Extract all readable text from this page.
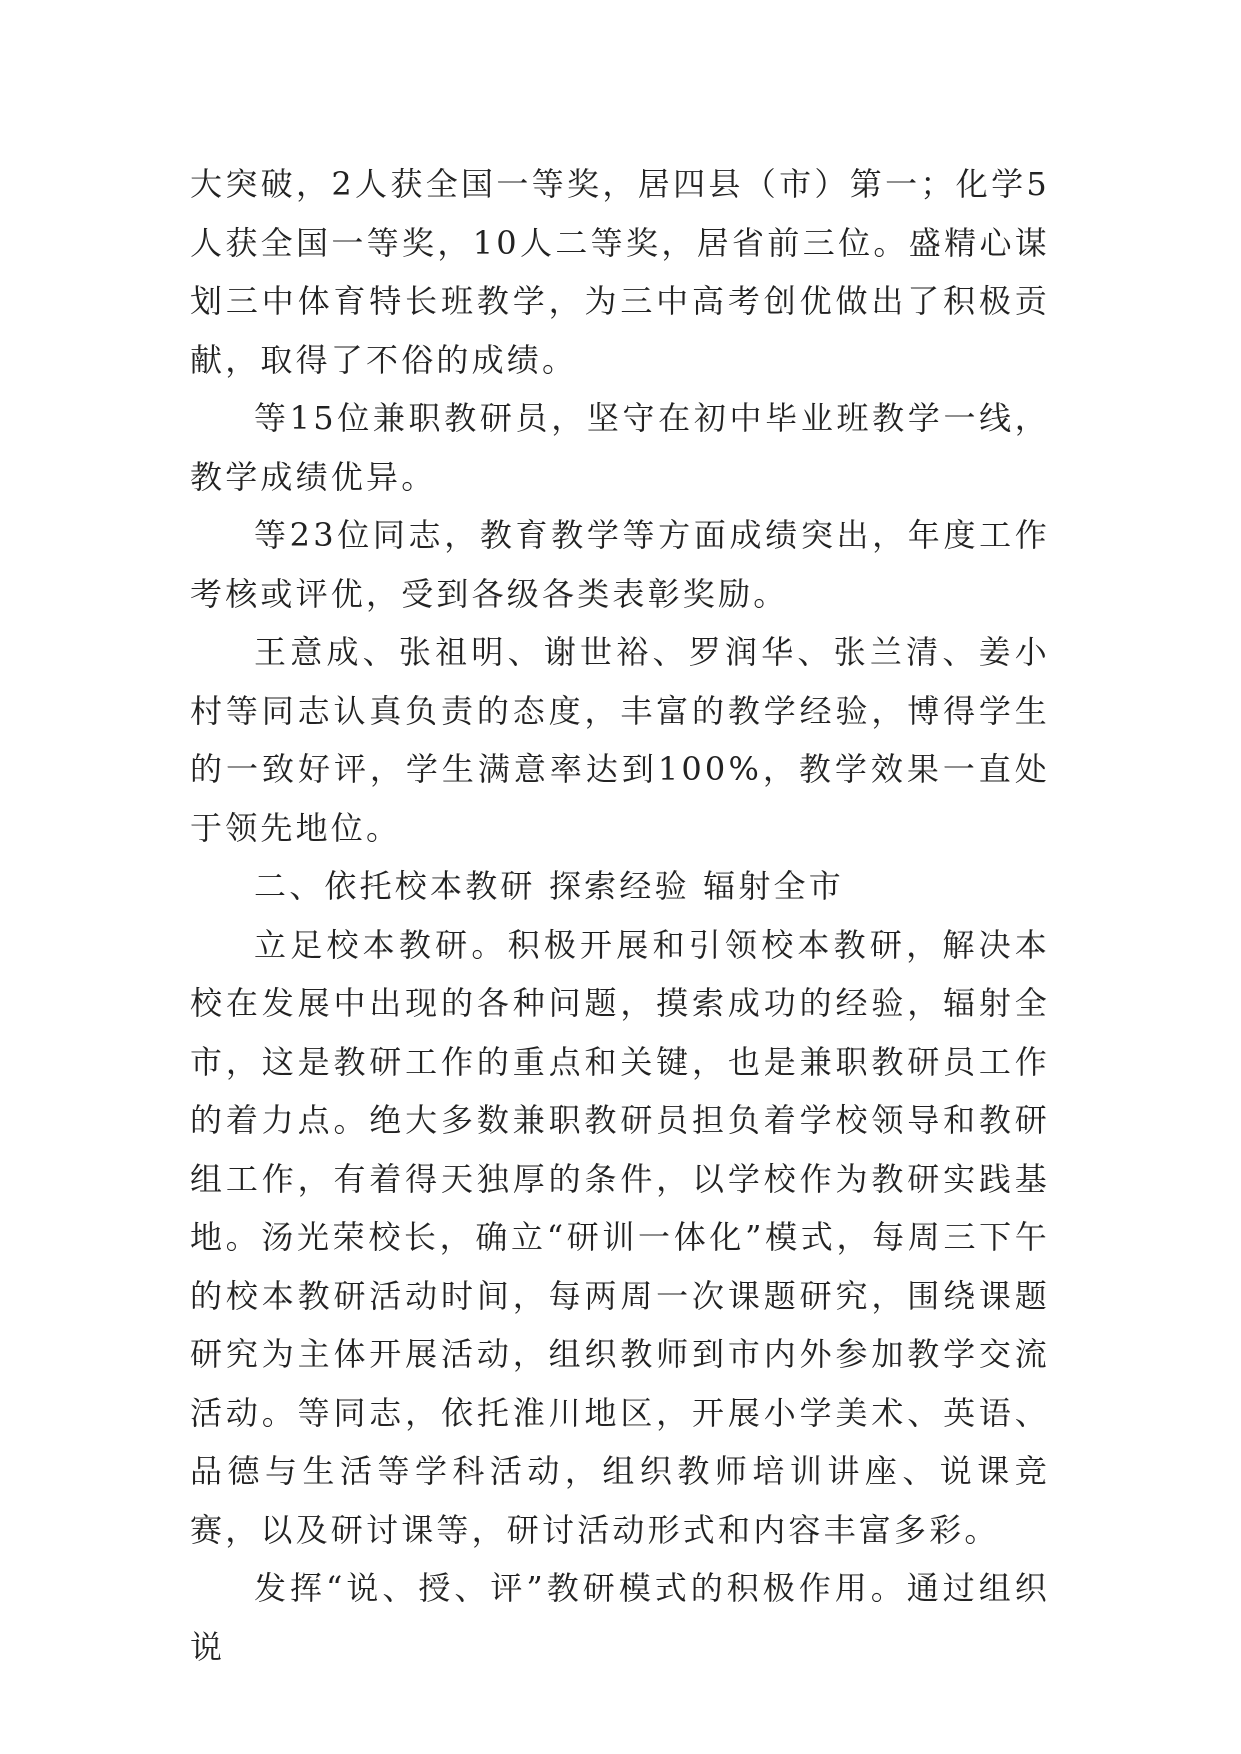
大突破，2人获全国一等奖，居四县（市）第一；化学5人获全国一等奖，10人二等奖，居省前三位。盛精心谋划三中体育特长班教学，为三中高考创优做出了积极贡献，取得了不俗的成绩。

等15位兼职教研员，坚守在初中毕业班教学一线，教学成绩优异。

等23位同志，教育教学等方面成绩突出，年度工作考核或评优，受到各级各类表彰奖励。

王意成、张祖明、谢世裕、罗润华、张兰清、姜小村等同志认真负责的态度，丰富的教学经验，博得学生的一致好评，学生满意率达到100%，教学效果一直处于领先地位。

二、依托校本教研 探索经验 辐射全市

立足校本教研。积极开展和引领校本教研，解决本校在发展中出现的各种问题，摸索成功的经验，辐射全市，这是教研工作的重点和关键，也是兼职教研员工作的着力点。绝大多数兼职教研员担负着学校领导和教研组工作，有着得天独厚的条件，以学校作为教研实践基地。汤光荣校长，确立“研训一体化”模式，每周三下午的校本教研活动时间，每两周一次课题研究，围绕课题研究为主体开展活动，组织教师到市内外参加教学交流活动。等同志，依托淮川地区，开展小学美术、英语、品德与生活等学科活动，组织教师培训讲座、说课竞赛，以及研讨课等，研讨活动形式和内容丰富多彩。

发挥“说、授、评”教研模式的积极作用。通过组织说
